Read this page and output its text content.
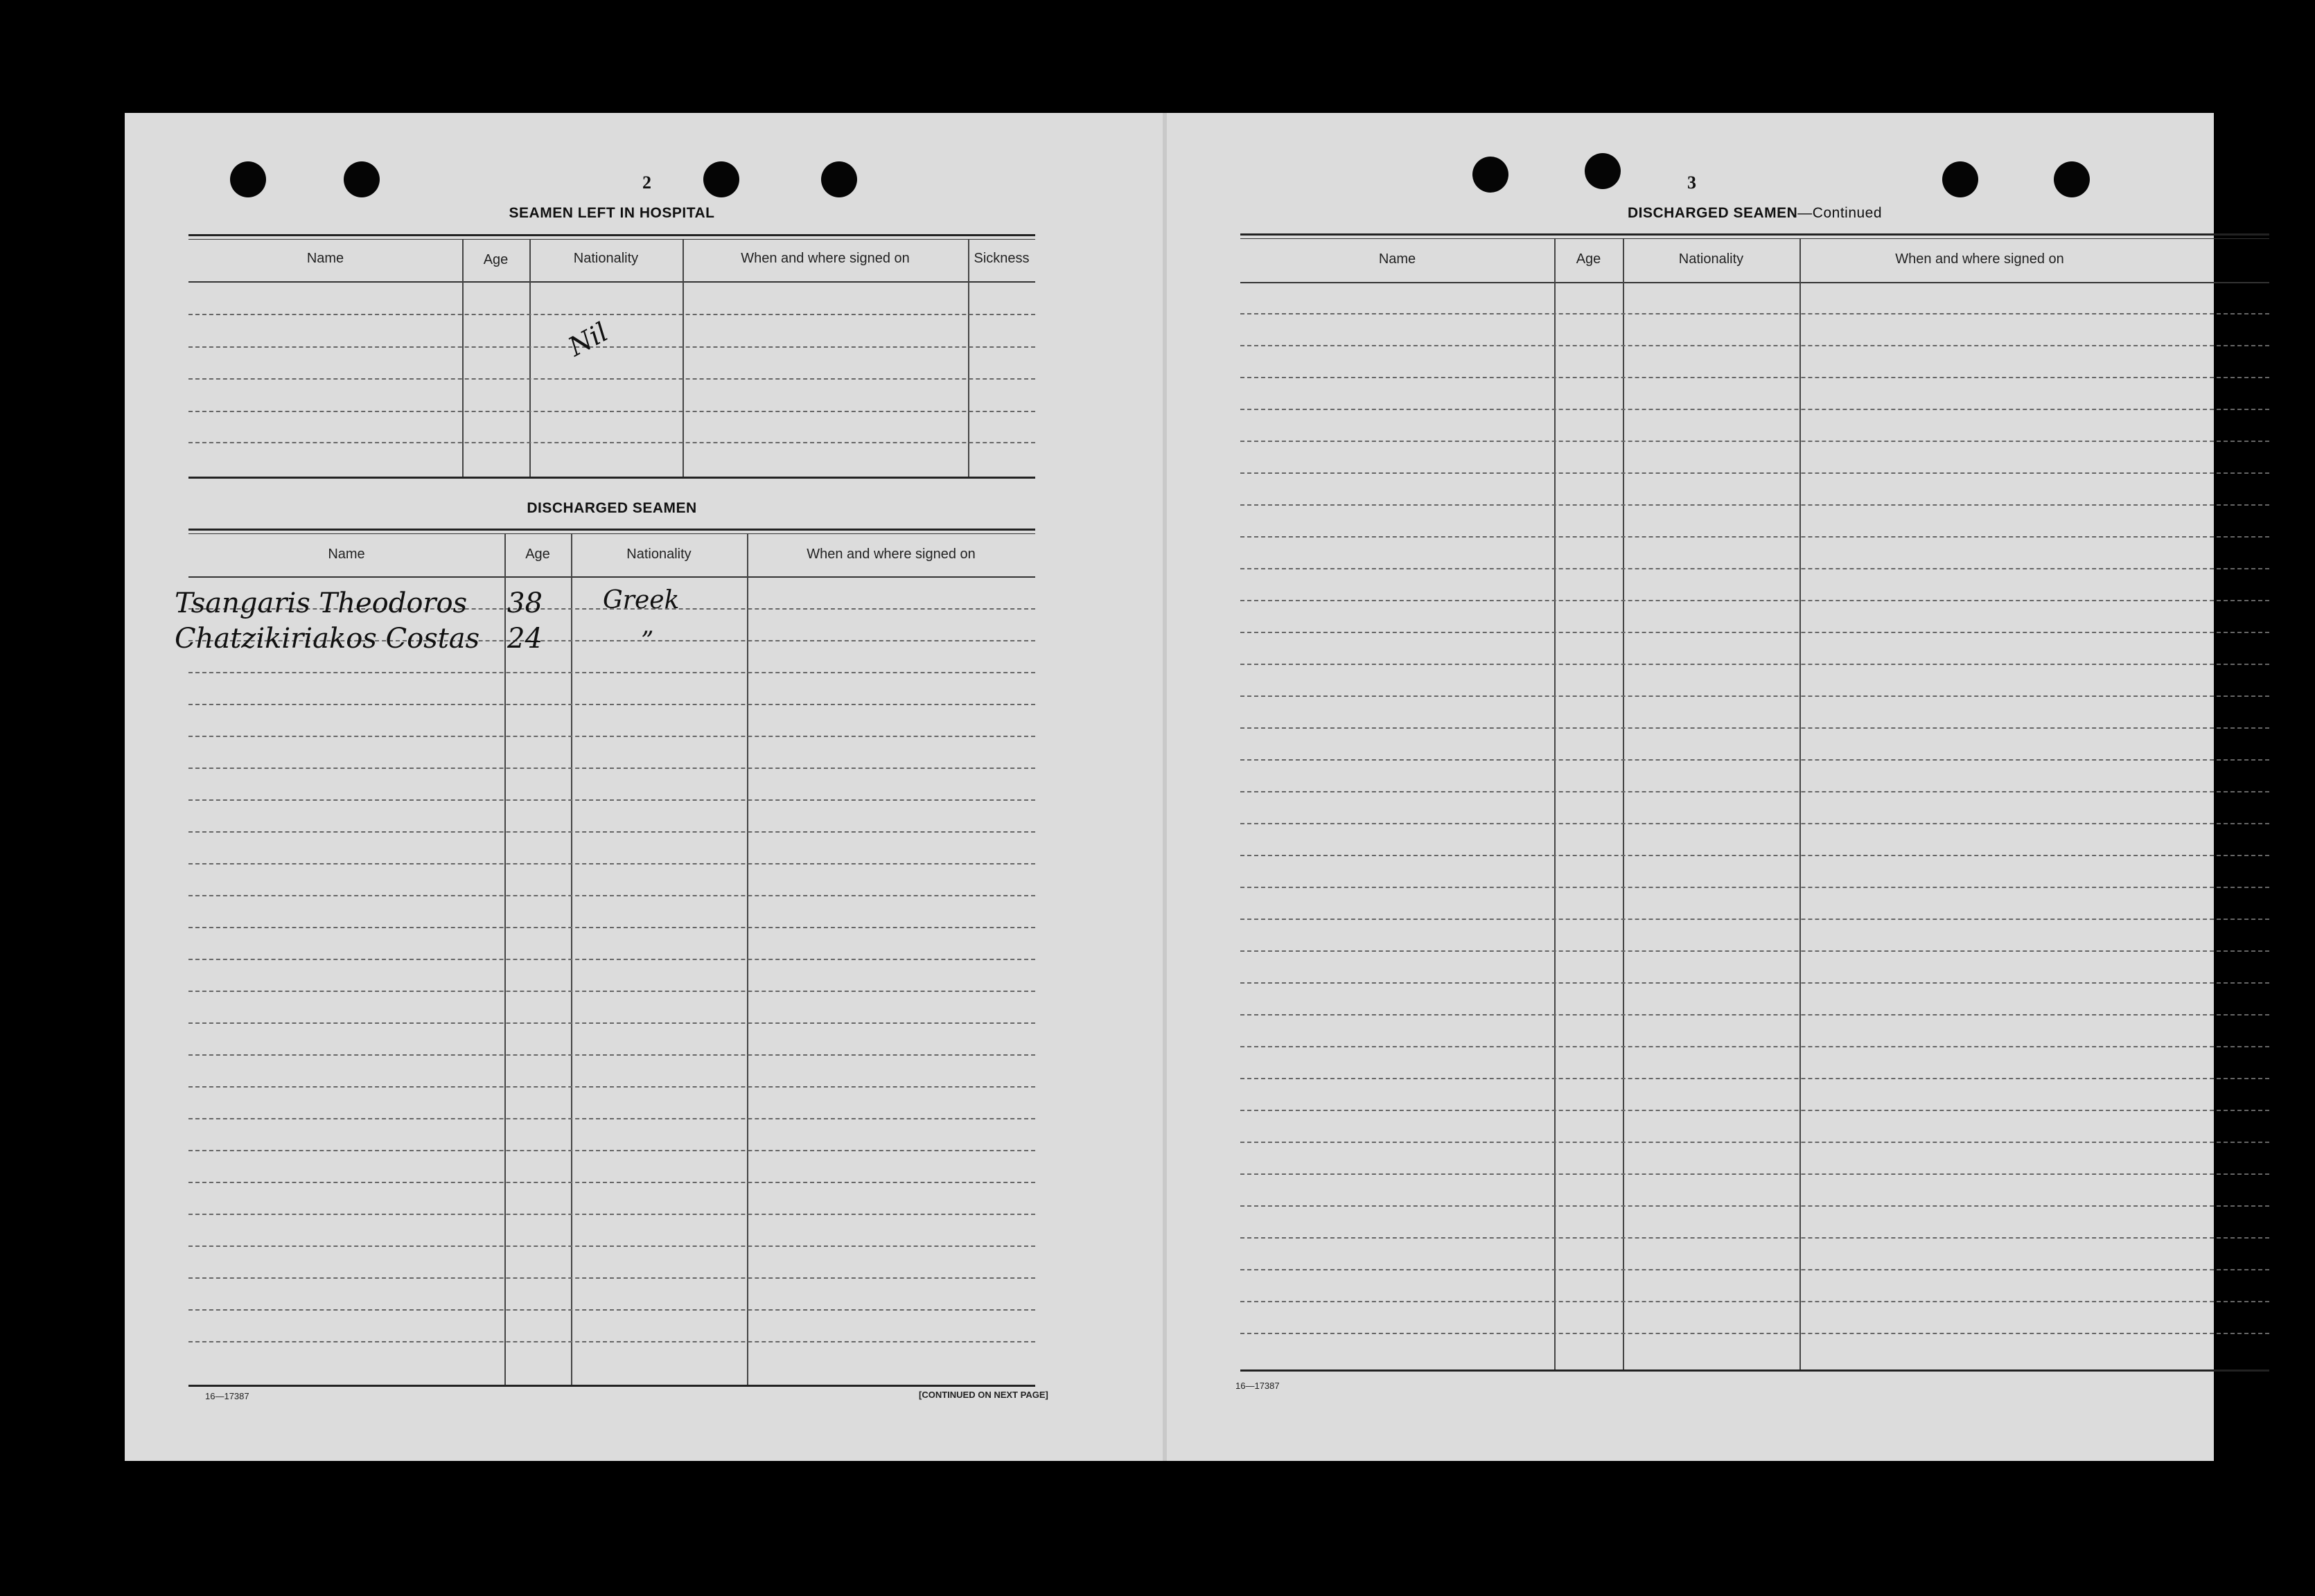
2
SEAMEN LEFT IN HOSPITAL
Name	Age	Nationality	When and where signed on	Sickness
Nil
DISCHARGED SEAMEN
Name	Age	Nationality	When and where signed on
Tsangaris Theodoros 38 Greek
Chatzikiriakos Costas 24	”
16—17387	[CONTINUED ON NEXT PAGE]
3
DISCHARGED SEAMEN—Continued
Name	Age	Nationality	When and where signed on
16—17387
